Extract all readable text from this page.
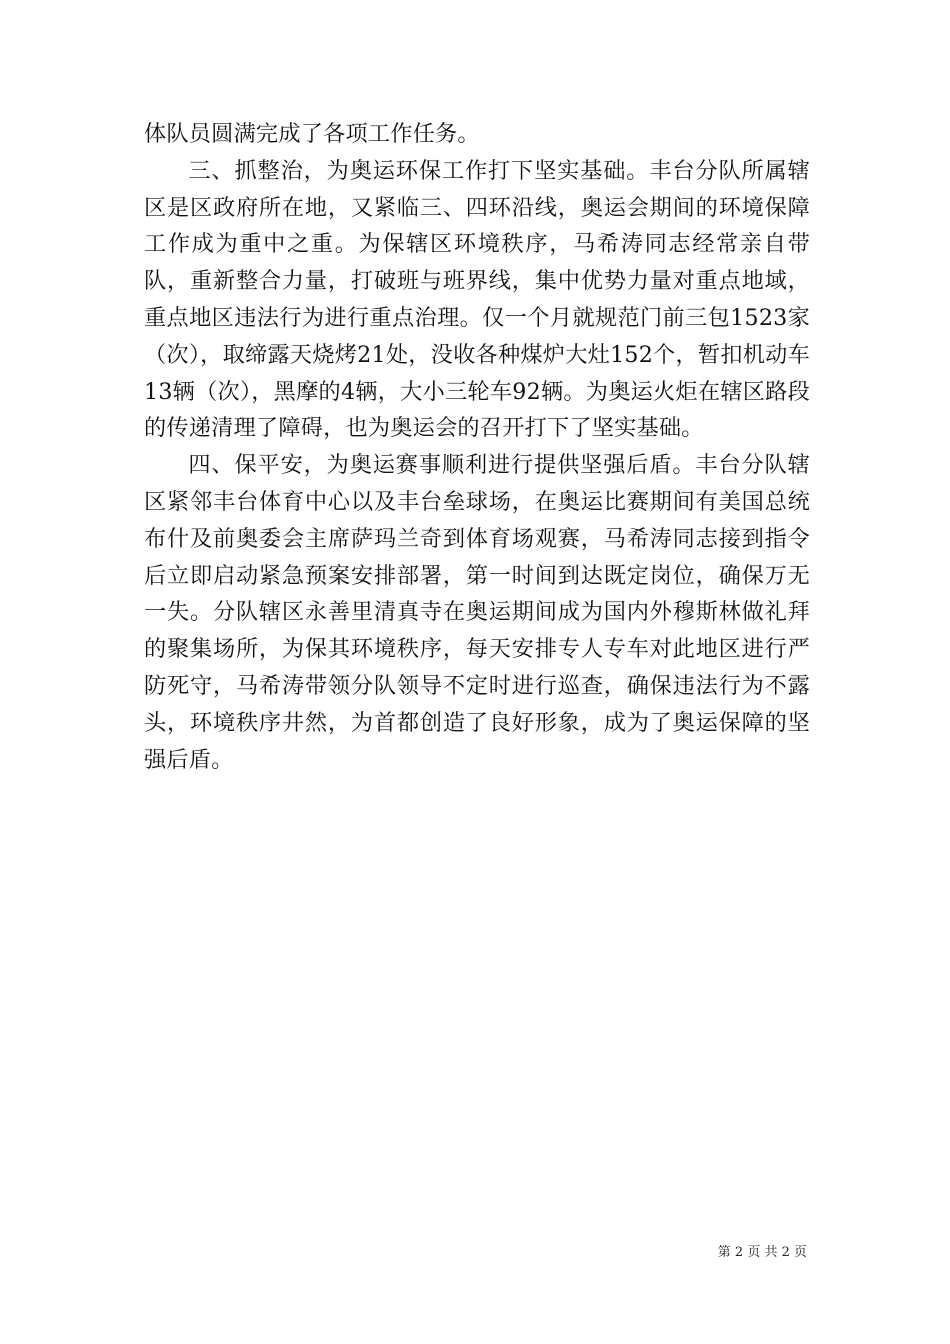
体队员圆满完成了各项工作任务。

三、抓整治，为奥运环保工作打下坚实基础。丰台分队所属辖区是区政府所在地，又紧临三、四环沿线，奥运会期间的环境保障工作成为重中之重。为保辖区环境秩序，马希涛同志经常亲自带队，重新整合力量，打破班与班界线，集中优势力量对重点地域，重点地区违法行为进行重点治理。仅一个月就规范门前三包1523家（次），取缔露天烧烤21处，没收各种煤炉大灶152个，暂扣机动车13辆（次），黑摩的4辆，大小三轮车92辆。为奥运火炬在辖区路段的传递清理了障碍，也为奥运会的召开打下了坚实基础。

四、保平安，为奥运赛事顺利进行提供坚强后盾。丰台分队辖区紧邻丰台体育中心以及丰台垒球场，在奥运比赛期间有美国总统布什及前奥委会主席萨玛兰奇到体育场观赛，马希涛同志接到指令后立即启动紧急预案安排部署，第一时间到达既定岗位，确保万无一失。分队辖区永善里清真寺在奥运期间成为国内外穆斯林做礼拜的聚集场所，为保其环境秩序，每天安排专人专车对此地区进行严防死守，马希涛带领分队领导不定时进行巡查，确保违法行为不露头，环境秩序井然，为首都创造了良好形象，成为了奥运保障的坚强后盾。

第 2 页 共 2 页
